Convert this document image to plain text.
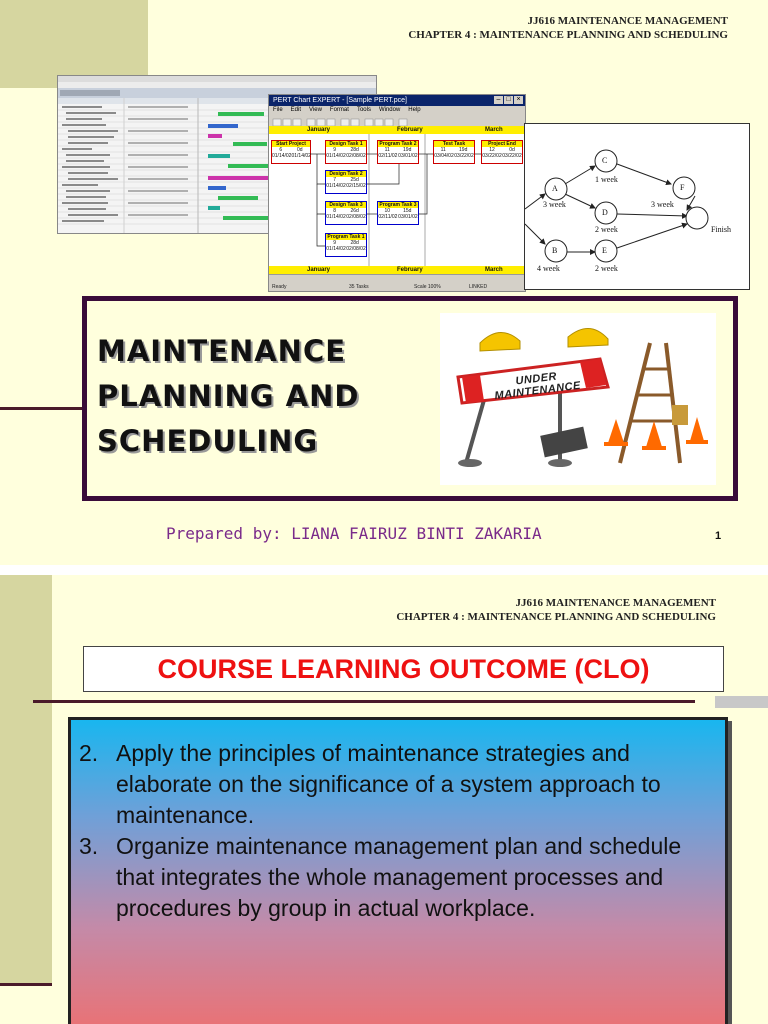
JJ616 MAINTENANCE MANAGEMENT
CHAPTER 4 : MAINTENANCE PLANNING AND SCHEDULING
PERT Chart EXPERT - [Sample PERT.pce]	– □ ×
File Edit View Format Tools Window Help
January	February	March
Start Project
6	0d
01/14/02 01/14/02
Design Task 1
9	28d
01/14/02 02/08/02
Program Task 2
11	19d
02/11/02 03/01/02
Test Task
11	19d
03/04/02 03/22/02
Project End
12	0d
03/22/02 03/22/02
Design Task 2
7	25d
01/14/02 02/15/02
Design Task 3
8	26d
01/14/02 02/08/02
Program Task 3
10	15d
02/11/02 03/01/02
Program Task 1
9	28d
01/14/02 02/08/02
January	February	March
Ready	35 Tasks	Scale 100%	LINKED
A
B
C
D
E
F
3 week
1 week
3 week
2 week
4 week	2 week
Finish
MAINTENANCE
PLANNING AND
SCHEDULING
UNDER MAINTENANCE
Prepared by: LIANA FAIRUZ BINTI ZAKARIA	1
JJ616 MAINTENANCE MANAGEMENT
CHAPTER 4 : MAINTENANCE PLANNING AND SCHEDULING
COURSE LEARNING OUTCOME (CLO)
2. Apply the principles of maintenance strategies and elaborate on the significance of a system approach to maintenance.
3. Organize maintenance management plan and schedule that integrates the whole management processes and procedures by group in actual workplace.
